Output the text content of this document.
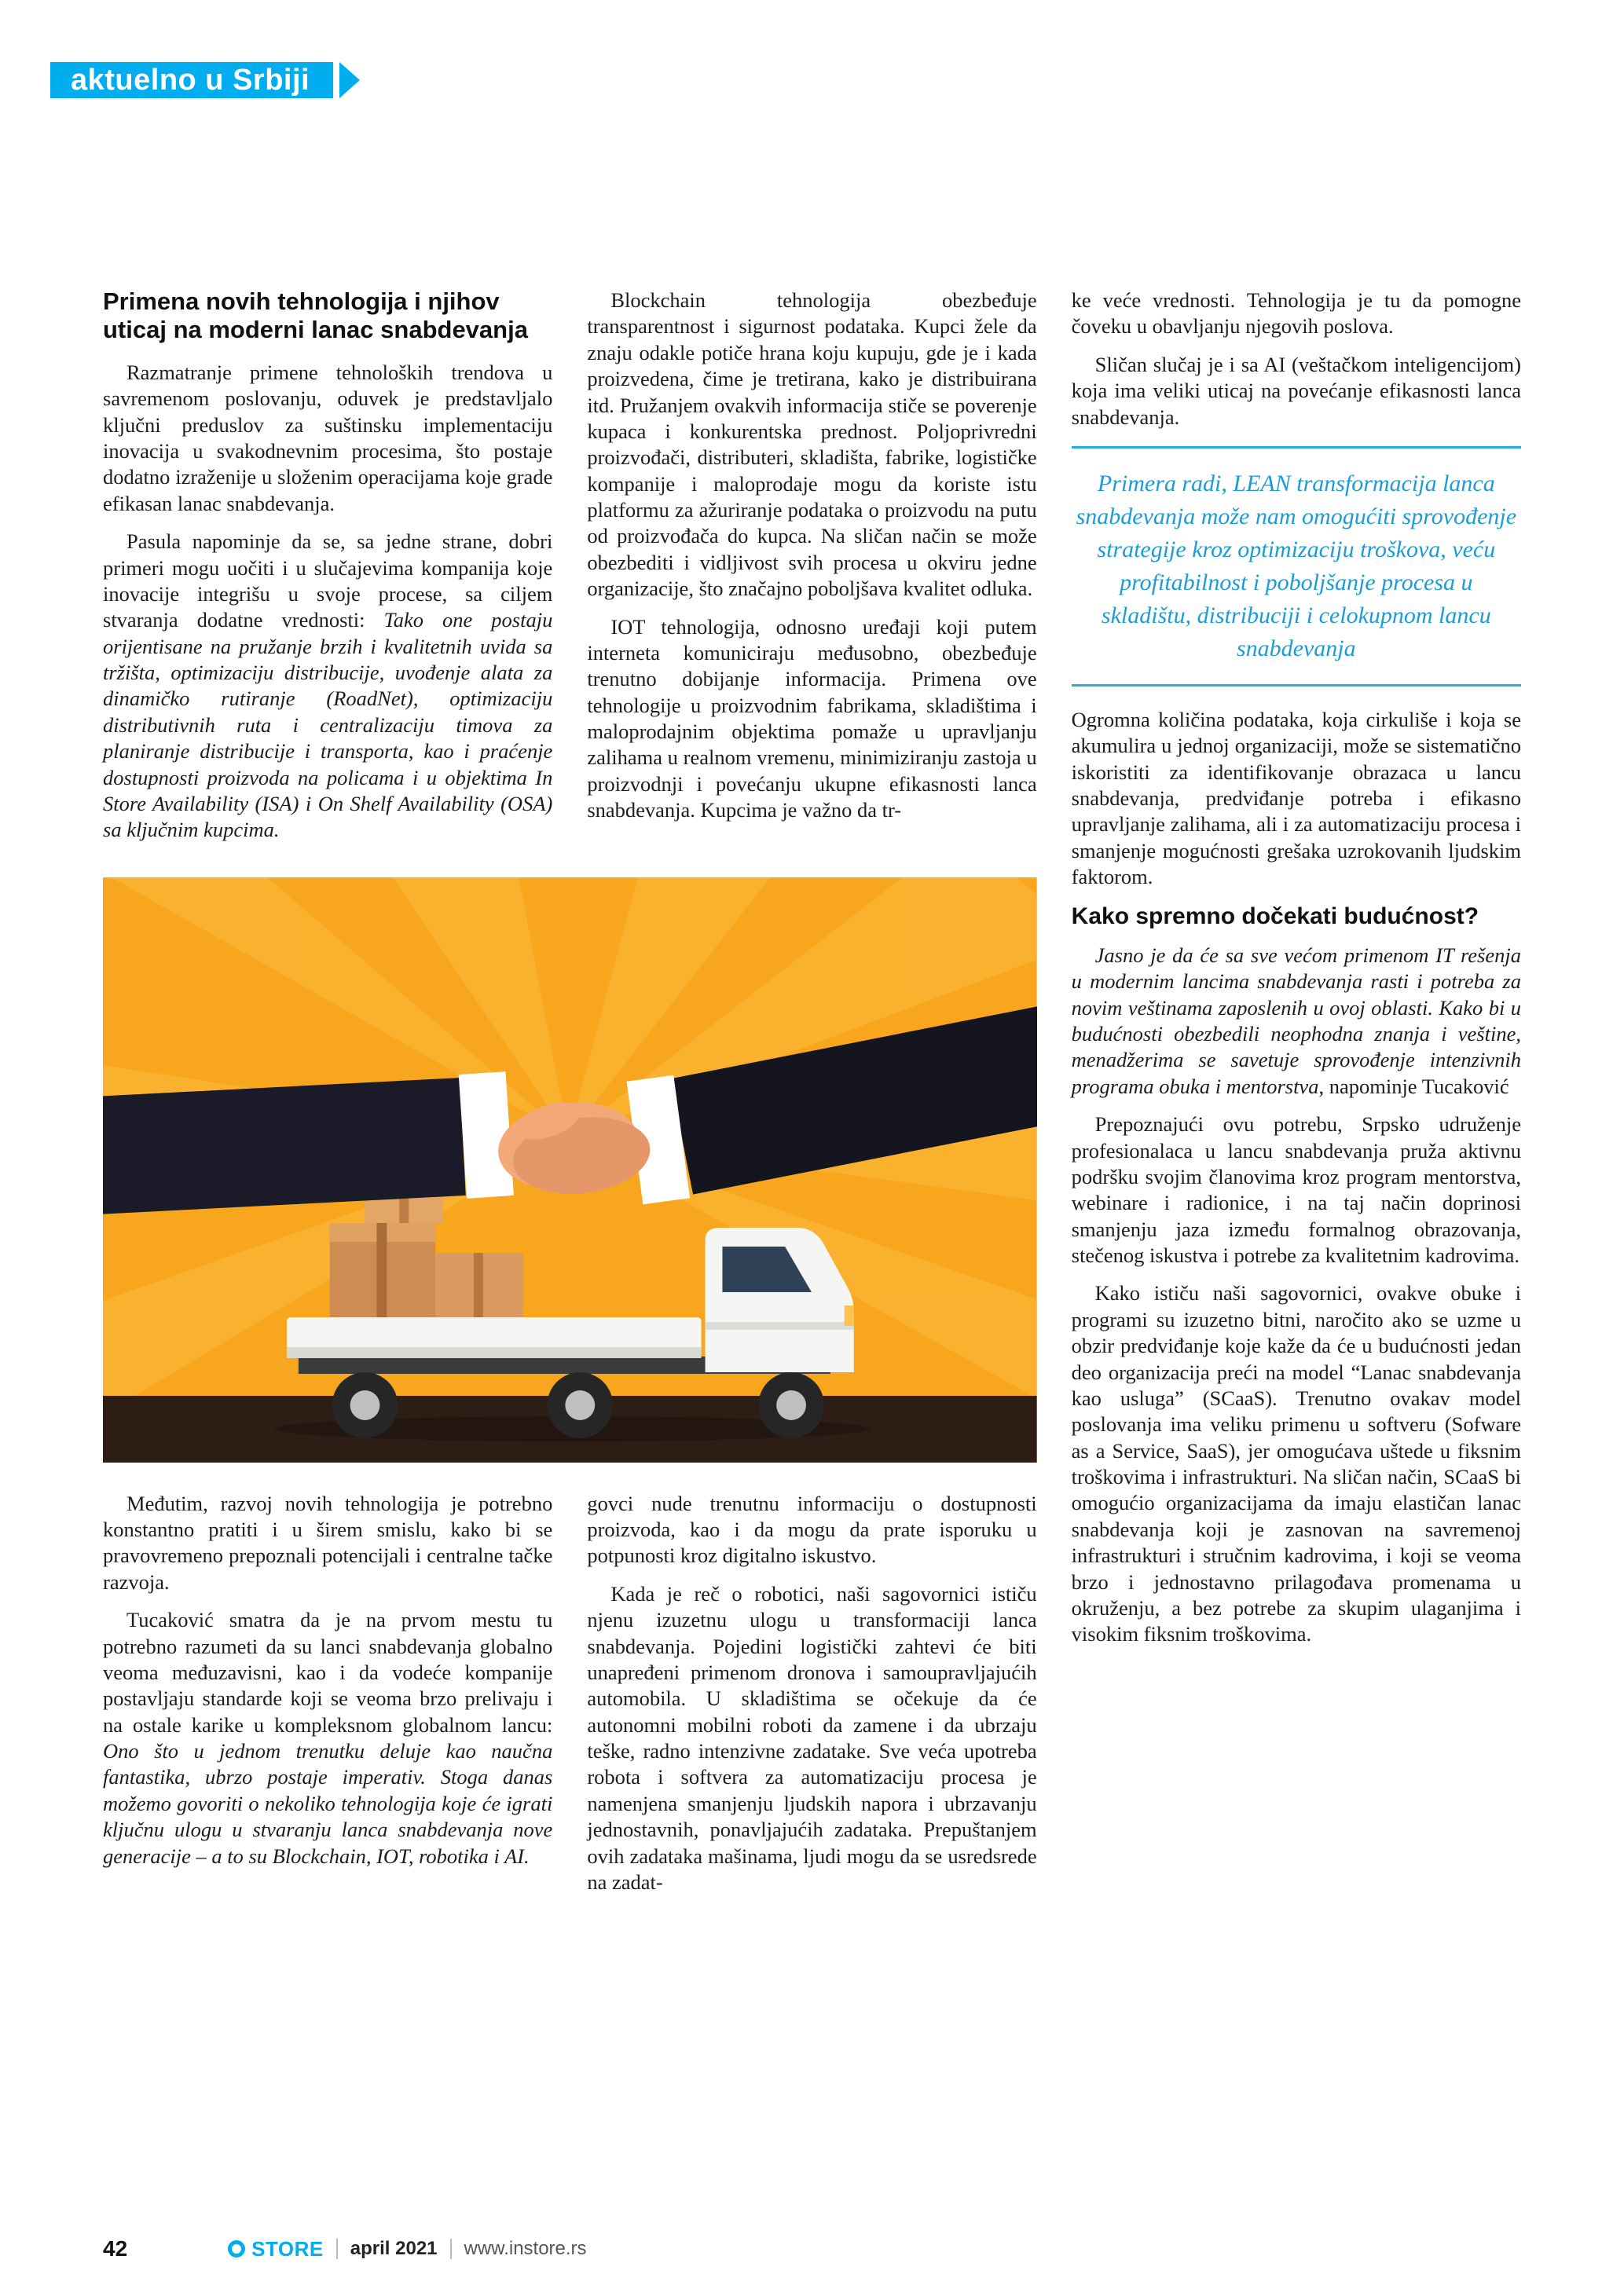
aktuelno u Srbiji
Primena novih tehnologija i njihov uticaj na moderni lanac snabdevanja

Razmatranje primene tehnoloških trendova u savremenom poslovanju, oduvek je predstavljalo ključni preduslov za suštinsku implementaciju inovacija u svakodnevnim procesima, što postaje dodatno izraženije u složenim operacijama koje grade efikasan lanac snabdevanja.

Pasula napominje da se, sa jedne strane, dobri primeri mogu uočiti i u slučajevima kompanija koje inovacije integrišu u svoje procese, sa ciljem stvaranja dodatne vrednosti: Tako one postaju orijentisane na pružanje brzih i kvalitetnih uvida sa tržišta, optimizaciju distribucije, uvođenje alata za dinamičko rutiranje (RoadNet), optimizaciju distributivnih ruta i centralizaciju timova za planiranje distribucije i transporta, kao i praćenje dostupnosti proizvoda na policama i u objektima In Store Availability (ISA) i On Shelf Availability (OSA) sa ključnim kupcima.

Blockchain tehnologija obezbeđuje transparentnost i sigurnost podataka. Kupci žele da znaju odakle potiče hrana koju kupuju, gde je i kada proizvedena, čime je tretirana, kako je distribuirana itd. Pružanjem ovakvih informacija stiče se poverenje kupaca i konkurentska prednost. Poljoprivredni proizvođači, distributeri, skladišta, fabrike, logističke kompanije i maloprodaje mogu da koriste istu platformu za ažuriranje podataka o proizvodu na putu od proizvođača do kupca. Na sličan način se može obezbediti i vidljivost svih procesa u okviru jedne organizacije, što značajno poboljšava kvalitet odluka.

IOT tehnologija, odnosno uređaji koji putem interneta komuniciraju međusobno, obezbeđuje trenutno dobijanje informacija. Primena ove tehnologije u proizvodnim fabrikama, skladištima i maloprodajnim objektima pomaže u upravljanju zalihama u realnom vremenu, minimiziranju zastoja u proizvodnji i povećanju ukupne efikasnosti lanca snabdevanja. Kupcima je važno da tr-

ke veće vrednosti. Tehnologija je tu da pomogne čoveku u obavljanju njegovih poslova.

Sličan slučaj je i sa AI (veštačkom inteligencijom) koja ima veliki uticaj na povećanje efikasnosti lanca snabdevanja.

Primera radi, LEAN transformacija lanca snabdevanja može nam omogućiti sprovođenje strategije kroz optimizaciju troškova, veću profitabilnost i poboljšanje procesa u skladištu, distribuciji i celokupnom lancu snabdevanja

Ogromna količina podataka, koja cirkuliše i koja se akumulira u jednoj organizaciji, može se sistematično iskoristiti za identifikovanje obrazaca u lancu snabdevanja, predviđanje potreba i efikasno upravljanje zalihama, ali i za automatizaciju procesa i smanjenje mogućnosti grešaka uzrokovanih ljudskim faktorom.

Kako spremno dočekati budućnost?

Jasno je da će sa sve većom primenom IT rešenja u modernim lancima snabdevanja rasti i potreba za novim veštinama zaposlenih u ovoj oblasti. Kako bi u budućnosti obezbedili neophodna znanja i veštine, menadžerima se savetuje sprovođenje intenzivnih programa obuka i mentorstva, napominje Tucaković

Prepoznajući ovu potrebu, Srpsko udruženje profesionalaca u lancu snabdevanja pruža aktivnu podršku svojim članovima kroz program mentorstva, webinare i radionice, i na taj način doprinosi smanjenju jaza između formalnog obrazovanja, stečenog iskustva i potrebe za kvalitetnim kadrovima.

Kako ističu naši sagovornici, ovakve obuke i programi su izuzetno bitni, naročito ako se uzme u obzir predviđanje koje kaže da će u budućnosti jedan deo organizacija preći na model “Lanac snabdevanja kao usluga” (SCaaS). Trenutno ovakav model poslovanja ima veliku primenu u softveru (Sofware as a Service, SaaS), jer omogućava uštede u fiksnim troškovima i infrastrukturi. Na sličan način, SCaaS bi omogućio organizacijama da imaju elastičan lanac snabdevanja koji je zasnovan na savremenoj infrastrukturi i stručnim kadrovima, i koji se veoma brzo i jednostavno prilagođava promenama u okruženju, a bez potrebe za skupim ulaganjima i visokim fiksnim troškovima.

Međutim, razvoj novih tehnologija je potrebno konstantno pratiti i u širem smislu, kako bi se pravovremeno prepoznali potencijali i centralne tačke razvoja.

Tucaković smatra da je na prvom mestu tu potrebno razumeti da su lanci snabdevanja globalno veoma međuzavisni, kao i da vodeće kompanije postavljaju standarde koji se veoma brzo prelivaju i na ostale karike u kompleksnom globalnom lancu: Ono što u jednom trenutku deluje kao naučna fantastika, ubrzo postaje imperativ. Stoga danas možemo govoriti o nekoliko tehnologija koje će igrati ključnu ulogu u stvaranju lanca snabdevanja nove generacije – a to su Blockchain, IOT, robotika i AI.

govci nude trenutnu informaciju o dostupnosti proizvoda, kao i da mogu da prate isporuku u potpunosti kroz digitalno iskustvo.

Kada je reč o robotici, naši sagovornici ističu njenu izuzetnu ulogu u transformaciji lanca snabdevanja. Pojedini logistički zahtevi će biti unapređeni primenom dronova i samoupravljajućih automobila. U skladištima se očekuje da će autonomni mobilni roboti da zamene i da ubrzaju teške, radno intenzivne zadatake. Sve veća upotreba robota i softvera za automatizaciju procesa je namenjena smanjenju ljudskih napora i ubrzavanju jednostavnih, ponavljajućih zadataka. Prepuštanjem ovih zadataka mašinama, ljudi mogu da se usredsrede na zadat-

42	STORE april 2021 www.instore.rs
